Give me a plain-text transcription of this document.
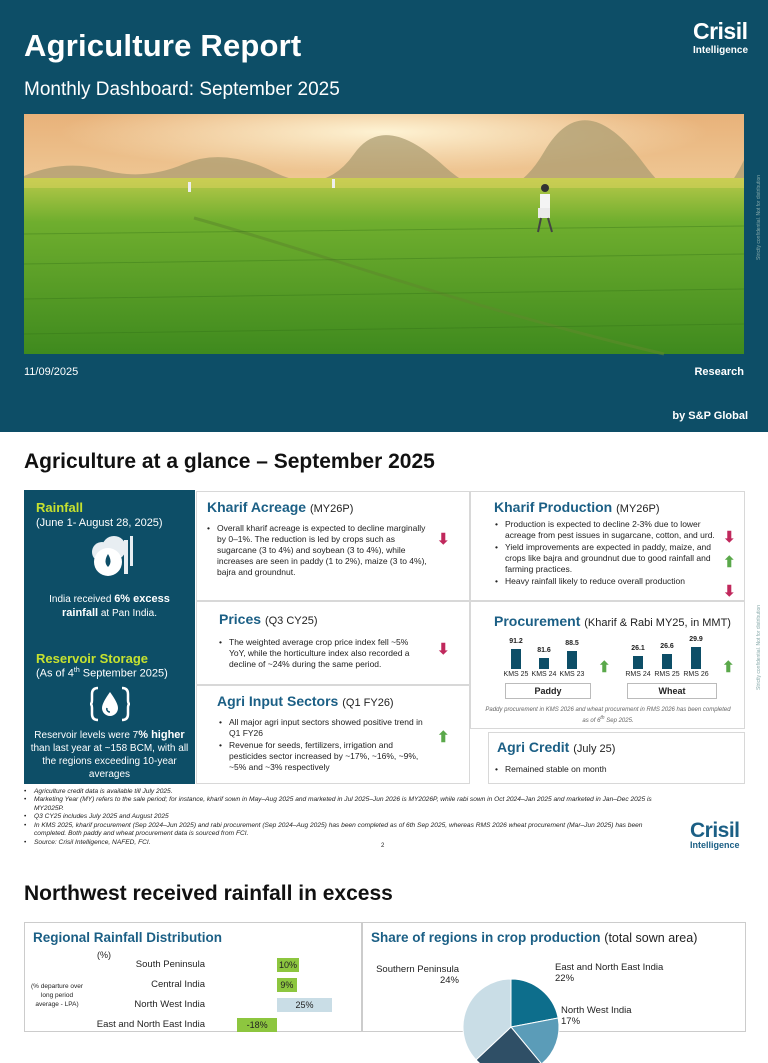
Agriculture Report
Monthly Dashboard: September 2025
Crisil
Intelligence
11/09/2025	Research
by S&P Global
Strictly confidential. Not for distribution
Agriculture at a glance – September 2025
Rainfall
(June 1- August 28, 2025)
India received 6% excess rainfall at Pan India.
Reservoir Storage
(As of 4th September 2025)
Reservoir levels were 7% higher than last year at ~158 BCM, with all the regions exceeding 10-year averages
Kharif Acreage (MY26P)
• Overall kharif acreage is expected to decline marginally by 0–1%. The reduction is led by crops such as sugarcane (3 to 4%) and soybean (3 to 4%), while increases are seen in paddy (1 to 2%), maize (3 to 4%), bajra and groundnut.
⬇
Kharif Production (MY26P)
• Production is expected to decline 2-3% due to lower acreage from pest issues in sugarcane, cotton, and urd.
• Yield improvements are expected in paddy, maize, and crops like bajra and groundnut due to good rainfall and farming practices.
• Heavy rainfall likely to reduce overall production
⬇
⬆
⬇
Prices (Q3 CY25)
• The weighted average crop price index fell ~5% YoY, while the horticulture index also recorded a decline of ~24% during the same period.
⬇
Agri Input Sectors (Q1 FY26)
• All major agri input sectors showed positive trend in Q1 FY26
• Revenue for seeds, fertilizers, irrigation and pesticides sector increased by ~17%, ~16%, ~9%, ~5% and ~3% respectively
⬆
Procurement (Kharif & Rabi MY25, in MMT)
91.2
KMS 25
81.6
KMS 24
88.5
KMS 23
26.1
RMS 24
26.6
RMS 25
29.9
RMS 26
Paddy	Wheat
⬆	⬆
Paddy procurement in KMS 2026 and wheat procurement in RMS 2026 has been completed as of 6th Sep 2025.
Agri Credit (July 25)
• Remained stable on month
Strictly confidential. Not for distribution
• Agriculture credit data is available till July 2025.
• Marketing Year (MY) refers to the sale period; for instance, kharif sown in May–Aug 2025 and marketed in Jul 2025–Jun 2026 is MY2026P, while rabi sown in Oct 2024–Jan 2025 and marketed in Jan–Dec 2025 is MY2025P.
• Q3 CY25 includes July 2025 and August 2025
• In KMS 2025, kharif procurement (Sep 2024–Jun 2025) and rabi procurement (Sep 2024–Aug 2025) has been completed as of 6th Sep 2025, whereas RMS 2026 wheat procurement (Mar–Jun 2025) has been completed. Both paddy and wheat procurement data is sourced from FCI.
• Source: Crisil Intelligence, NAFED, FCI.
2
Crisil
Intelligence
Northwest received rainfall in excess
Regional Rainfall Distribution
(%)
(% departure over long period average - LPA)
South Peninsula	10%
Central India	9%
North West India	25%
East and North East India	-18%
Share of regions in crop production (total sown area)
East and North East India
22%
North West India
17%
Southern Peninsula
24%
